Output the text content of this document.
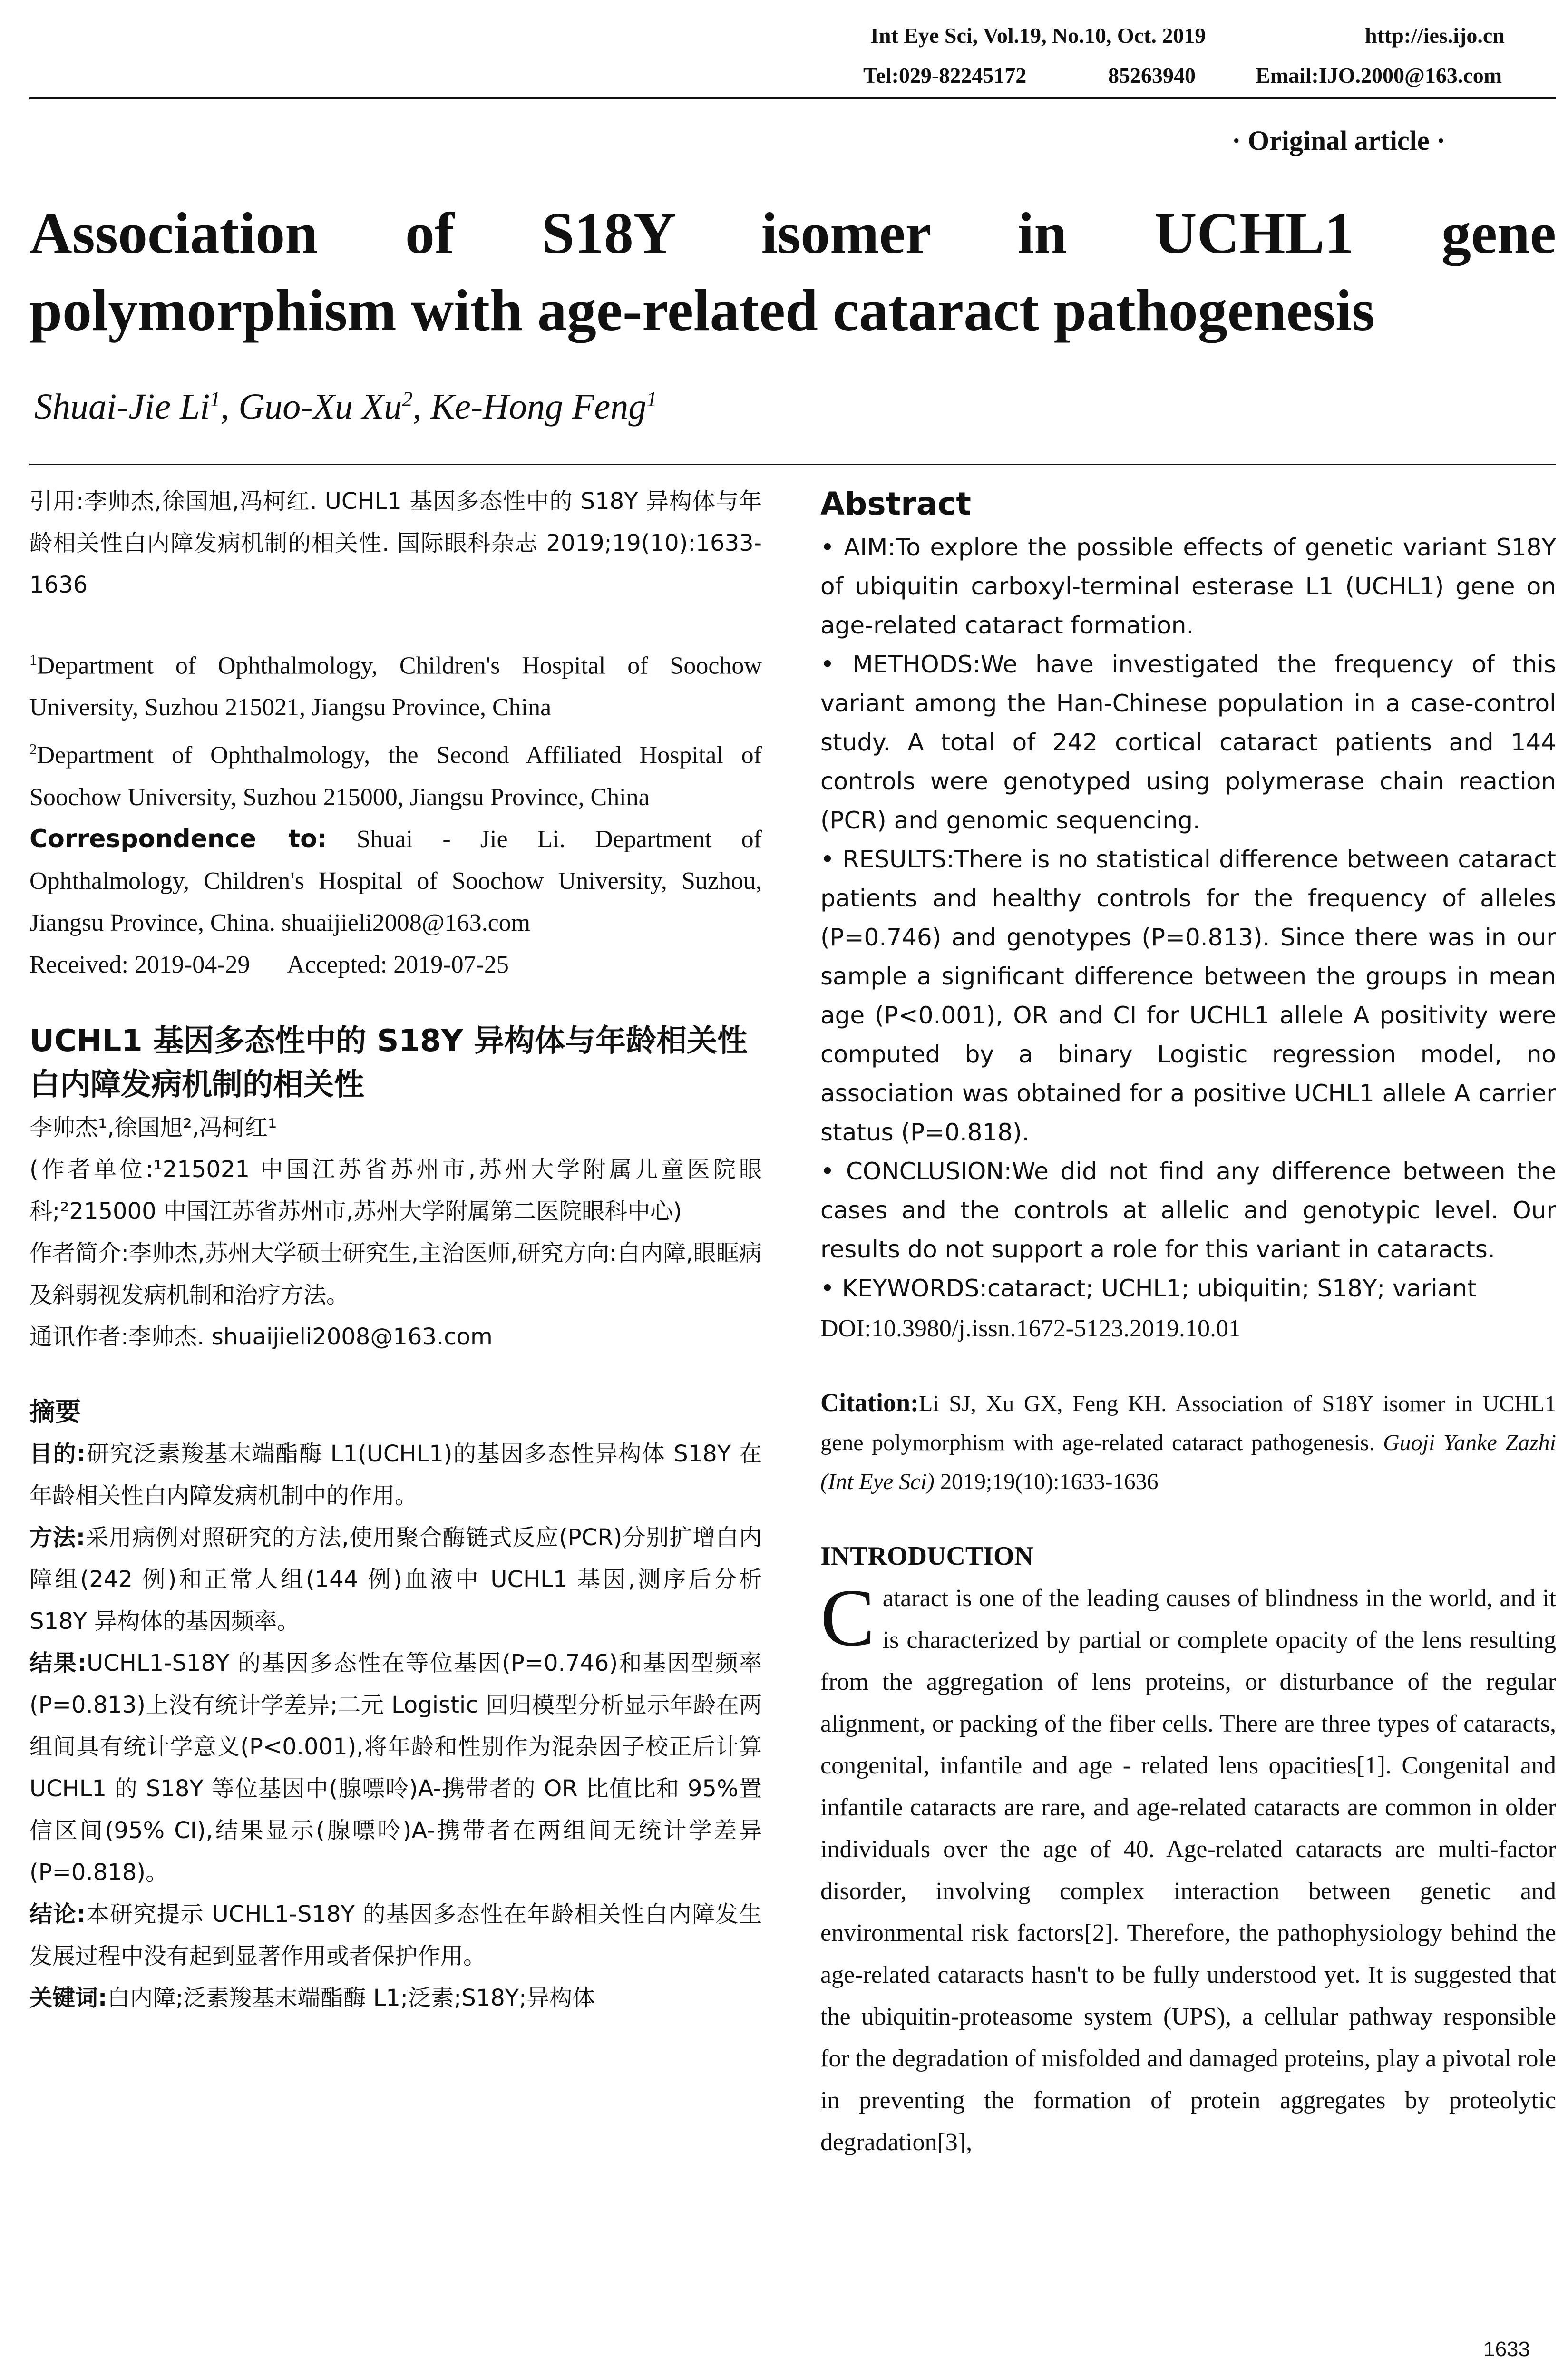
Int Eye Sci, Vol.19, No.10, Oct. 2019	http://ies.ijo.cn
Tel:029-82245172	85263940	Email:IJO.2000@163.com
· Original article ·
Association of S18Y isomer in UCHL1 gene
polymorphism with age-related cataract pathogenesis
Shuai-Jie Li$^1$, Guo-Xu Xu$^2$, Ke-Hong Feng$^1$

引用:李帅杰,徐国旭,冯柯红. UCHL1 基因多态性中的 S18Y 异构体与年龄相关性白内障发病机制的相关性. 国际眼科杂志 2019;19(10):1633-1636

$^1$Department of Ophthalmology, Children's Hospital of Soochow University, Suzhou 215021, Jiangsu Province, China

$^2$Department of Ophthalmology, the Second Affiliated Hospital of Soochow University, Suzhou 215000, Jiangsu Province, China

Correspondence to: Shuai - Jie Li. Department of Ophthalmology, Children's Hospital of Soochow University, Suzhou, Jiangsu Province, China. shuaijieli2008@163.com

Received: 2019-04-29 Accepted: 2019-07-25

UCHL1 基因多态性中的 S18Y 异构体与年龄相关性白内障发病机制的相关性

李帅杰¹,徐国旭²,冯柯红¹

(作者单位:¹215021 中国江苏省苏州市,苏州大学附属儿童医院眼科;²215000 中国江苏省苏州市,苏州大学附属第二医院眼科中心)

作者简介:李帅杰,苏州大学硕士研究生,主治医师,研究方向:白内障,眼眶病及斜弱视发病机制和治疗方法。

通讯作者:李帅杰. shuaijieli2008@163.com

摘要

目的:研究泛素羧基末端酯酶 L1(UCHL1)的基因多态性异构体 S18Y 在年龄相关性白内障发病机制中的作用。

方法:采用病例对照研究的方法,使用聚合酶链式反应(PCR)分别扩增白内障组(242 例)和正常人组(144 例)血液中 UCHL1 基因,测序后分析 S18Y 异构体的基因频率。

结果:UCHL1-S18Y 的基因多态性在等位基因(P=0.746)和基因型频率(P=0.813)上没有统计学差异;二元 Logistic 回归模型分析显示年龄在两组间具有统计学意义(P<0.001),将年龄和性别作为混杂因子校正后计算 UCHL1 的 S18Y 等位基因中(腺嘌呤)A-携带者的 OR 比值比和 95%置信区间(95% CI),结果显示(腺嘌呤)A-携带者在两组间无统计学差异(P=0.818)。

结论:本研究提示 UCHL1-S18Y 的基因多态性在年龄相关性白内障发生发展过程中没有起到显著作用或者保护作用。

关键词:白内障;泛素羧基末端酯酶 L1;泛素;S18Y;异构体

Abstract

• AIM:To explore the possible effects of genetic variant S18Y of ubiquitin carboxyl-terminal esterase L1 (UCHL1) gene on age-related cataract formation.

• METHODS:We have investigated the frequency of this variant among the Han-Chinese population in a case-control study. A total of 242 cortical cataract patients and 144 controls were genotyped using polymerase chain reaction (PCR) and genomic sequencing.

• RESULTS:There is no statistical difference between cataract patients and healthy controls for the frequency of alleles (P=0.746) and genotypes (P=0.813). Since there was in our sample a significant difference between the groups in mean age (P<0.001), OR and CI for UCHL1 allele A positivity were computed by a binary Logistic regression model, no association was obtained for a positive UCHL1 allele A carrier status (P=0.818).

• CONCLUSION:We did not find any difference between the cases and the controls at allelic and genotypic level. Our results do not support a role for this variant in cataracts.

• KEYWORDS:cataract; UCHL1; ubiquitin; S18Y; variant

DOI:10.3980/j.issn.1672-5123.2019.10.01

Citation:Li SJ, Xu GX, Feng KH. Association of S18Y isomer in UCHL1 gene polymorphism with age-related cataract pathogenesis. Guoji Yanke Zazhi (Int Eye Sci) 2019;19(10):1633-1636

INTRODUCTION

Cataract is one of the leading causes of blindness in the world, and it is characterized by partial or complete opacity of the lens resulting from the aggregation of lens proteins, or disturbance of the regular alignment, or packing of the fiber cells. There are three types of cataracts, congenital, infantile and age - related lens opacities[1]. Congenital and infantile cataracts are rare, and age-related cataracts are common in older individuals over the age of 40. Age-related cataracts are multi-factor disorder, involving complex interaction between genetic and environmental risk factors[2]. Therefore, the pathophysiology behind the age-related cataracts hasn't to be fully understood yet. It is suggested that the ubiquitin-proteasome system (UPS), a cellular pathway responsible for the degradation of misfolded and damaged proteins, play a pivotal role in preventing the formation of protein aggregates by proteolytic degradation[3],

1633
